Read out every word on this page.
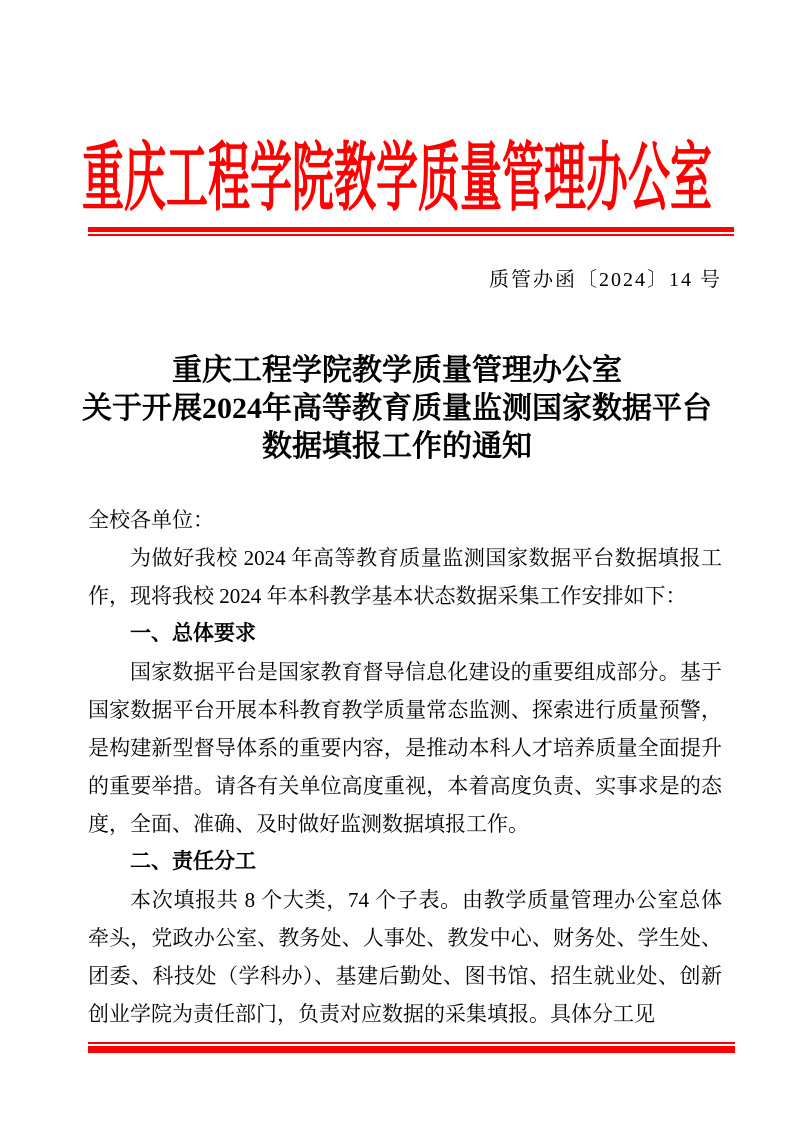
重庆工程学院教学质量管理办公室
质管办函〔2024〕14 号
重庆工程学院教学质量管理办公室
关于开展2024年高等教育质量监测国家数据平台
数据填报工作的通知

全校各单位：

为做好我校 2024 年高等教育质量监测国家数据平台数据填报工作，现将我校 2024 年本科教学基本状态数据采集工作安排如下：

一、总体要求

国家数据平台是国家教育督导信息化建设的重要组成部分。基于国家数据平台开展本科教育教学质量常态监测、探索进行质量预警，是构建新型督导体系的重要内容，是推动本科人才培养质量全面提升的重要举措。请各有关单位高度重视，本着高度负责、实事求是的态度，全面、准确、及时做好监测数据填报工作。

二、责任分工

本次填报共 8 个大类，74 个子表。由教学质量管理办公室总体牵头，党政办公室、教务处、人事处、教发中心、财务处、学生处、团委、科技处（学科办）、基建后勤处、图书馆、招生就业处、创新创业学院为责任部门，负责对应数据的采集填报。具体分工见
